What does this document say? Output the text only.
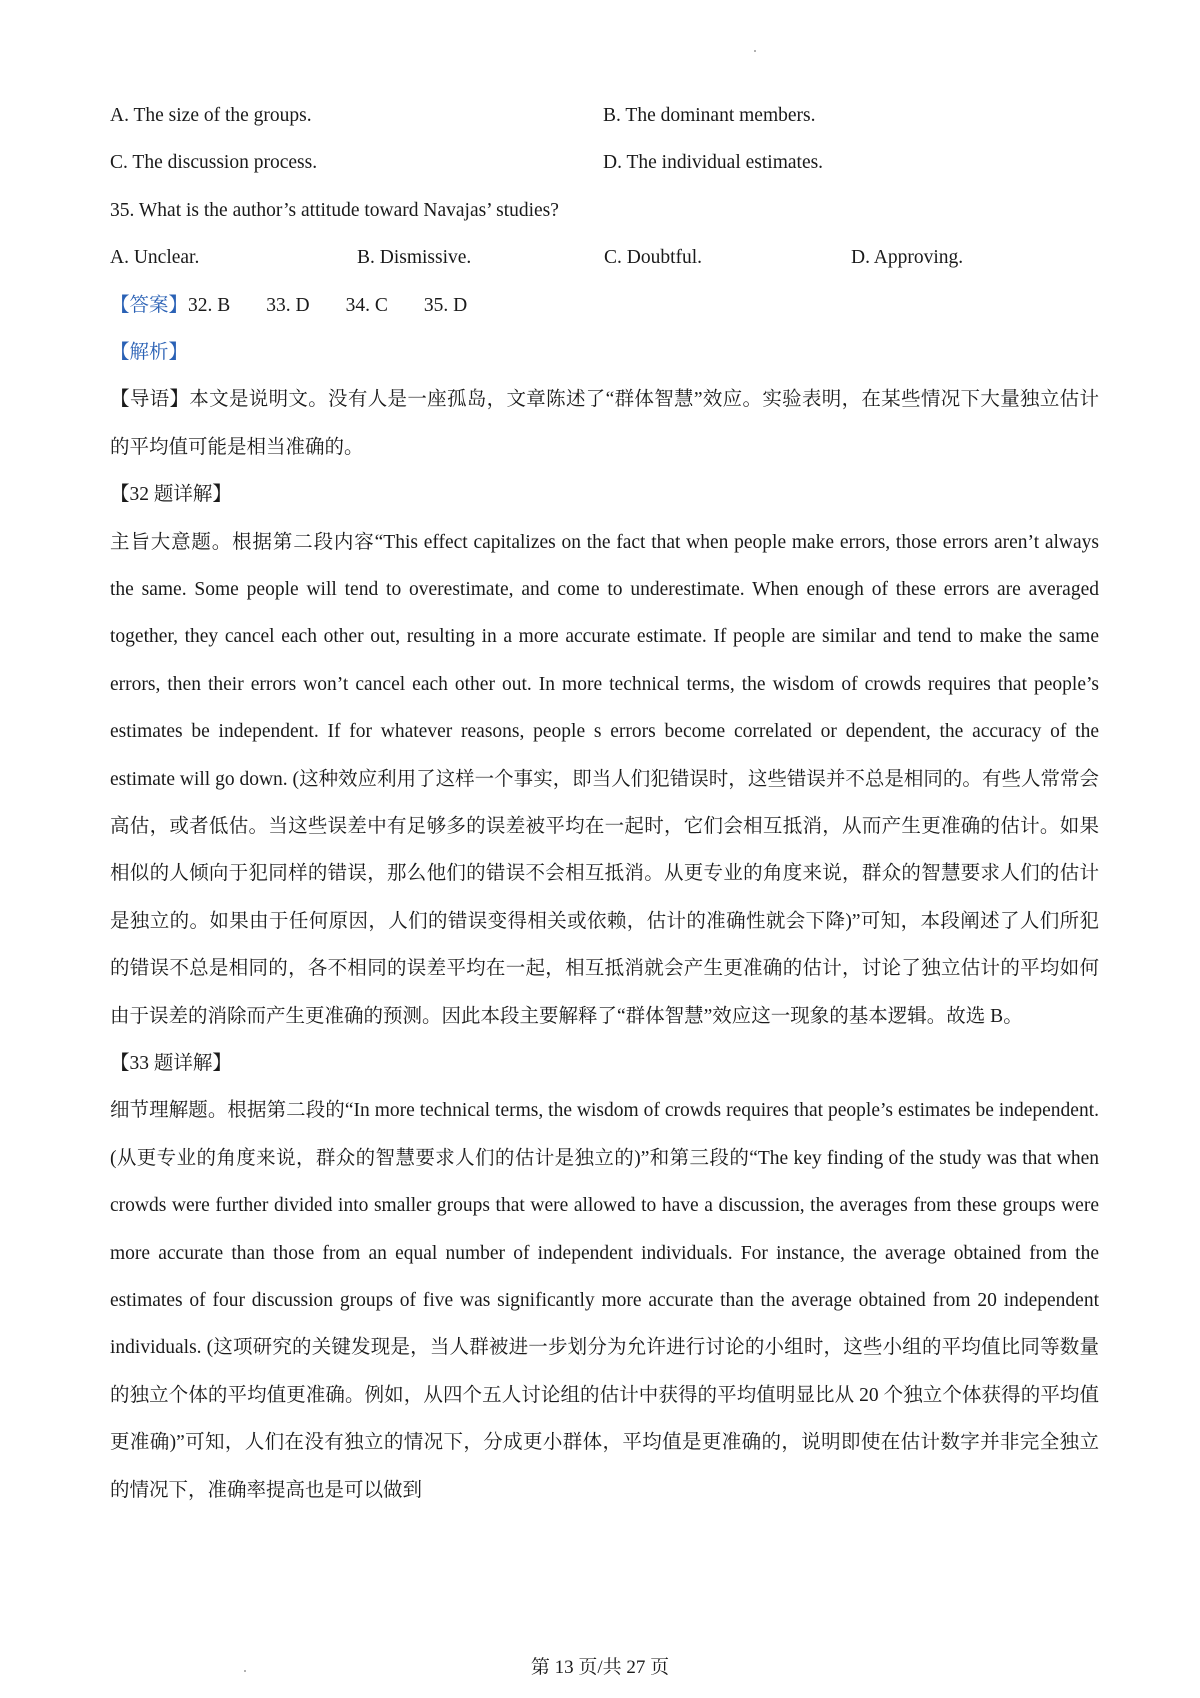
A. The size of the groups.	B. The dominant members.
C. The discussion process.	D. The individual estimates.
35. What is the author’s attitude toward Navajas’ studies?
A. Unclear.	B. Dismissive.	C. Doubtful.	D. Approving.
【答案】32. B 33. D 34. C 35. D
【解析】

【导语】本文是说明文。没有人是一座孤岛，文章陈述了“群体智慧”效应。实验表明，在某些情况下大量独立估计的平均值可能是相当准确的。

【32 题详解】

主旨大意题。根据第二段内容“This effect capitalizes on the fact that when people make errors, those errors aren’t always the same. Some people will tend to overestimate, and come to underestimate. When enough of these errors are averaged together, they cancel each other out, resulting in a more accurate estimate. If people are similar and tend to make the same errors, then their errors won’t cancel each other out. In more technical terms, the wisdom of crowds requires that people’s estimates be independent. If for whatever reasons, people s errors become correlated or dependent, the accuracy of the estimate will go down. (这种效应利用了这样一个事实，即当人们犯错误时，这些错误并不总是相同的。有些人常常会高估，或者低估。当这些误差中有足够多的误差被平均在一起时，它们会相互抵消，从而产生更准确的估计。如果相似的人倾向于犯同样的错误，那么他们的错误不会相互抵消。从更专业的角度来说，群众的智慧要求人们的估计是独立的。如果由于任何原因，人们的错误变得相关或依赖，估计的准确性就会下降)”可知，本段阐述了人们所犯的错误不总是相同的，各不相同的误差平均在一起，相互抵消就会产生更准确的估计，讨论了独立估计的平均如何由于误差的消除而产生更准确的预测。因此本段主要解释了“群体智慧”效应这一现象的基本逻辑。故选 B。

【33 题详解】

细节理解题。根据第二段的“In more technical terms, the wisdom of crowds requires that people’s estimates be independent. (从更专业的角度来说，群众的智慧要求人们的估计是独立的)”和第三段的“The key finding of the study was that when crowds were further divided into smaller groups that were allowed to have a discussion, the averages from these groups were more accurate than those from an equal number of independent individuals. For instance, the average obtained from the estimates of four discussion groups of five was significantly more accurate than the average obtained from 20 independent individuals. (这项研究的关键发现是，当人群被进一步划分为允许进行讨论的小组时，这些小组的平均值比同等数量的独立个体的平均值更准确。例如，从四个五人讨论组的估计中获得的平均值明显比从 20 个独立个体获得的平均值更准确)”可知，人们在没有独立的情况下，分成更小群体，平均值是更准确的，说明即使在估计数字并非完全独立的情况下，准确率提高也是可以做到

第 13 页/共 27 页
